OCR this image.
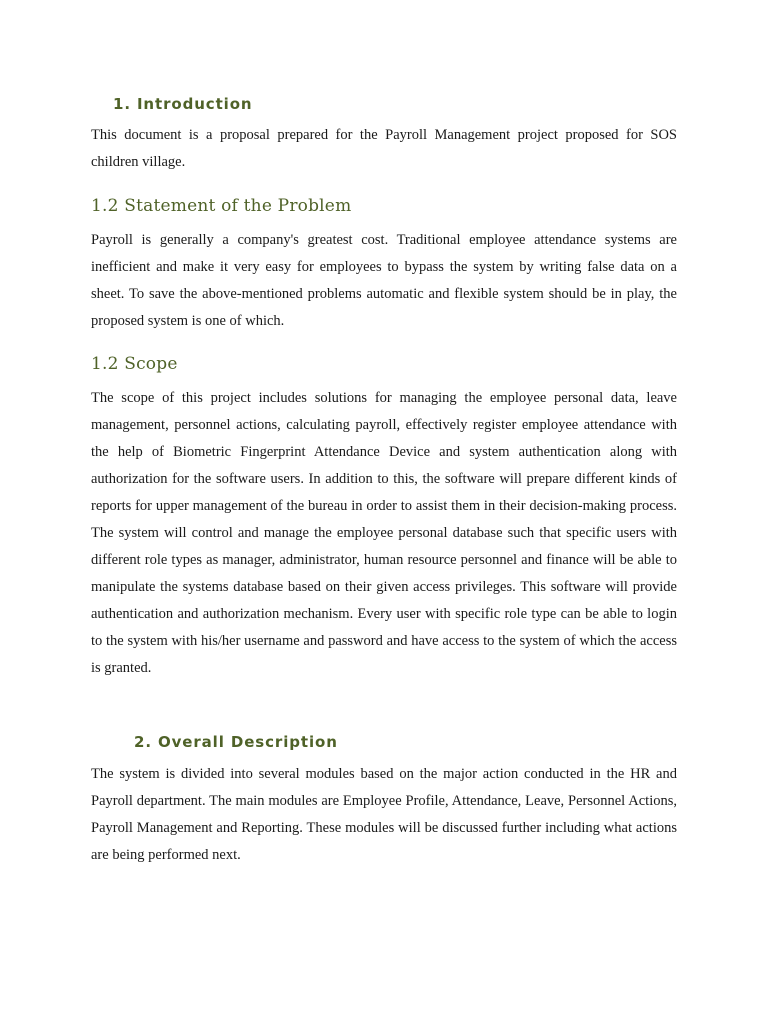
1. Introduction

This document is a proposal prepared for the Payroll Management project proposed for SOS children village.

1.2 Statement of the Problem

Payroll is generally a company's greatest cost. Traditional employee attendance systems are inefficient and make it very easy for employees to bypass the system by writing false data on a sheet. To save the above-mentioned problems automatic and flexible system should be in play, the proposed system is one of which.

1.2 Scope

The scope of this project includes solutions for managing the employee personal data, leave management, personnel actions, calculating payroll, effectively register employee attendance with the help of Biometric Fingerprint Attendance Device and system authentication along with authorization for the software users. In addition to this, the software will prepare different kinds of reports for upper management of the bureau in order to assist them in their decision-making process. The system will control and manage the employee personal database such that specific users with different role types as manager, administrator, human resource personnel and finance will be able to manipulate the systems database based on their given access privileges. This software will provide authentication and authorization mechanism. Every user with specific role type can be able to login to the system with his/her username and password and have access to the system of which the access is granted.

2. Overall Description

The system is divided into several modules based on the major action conducted in the HR and Payroll department. The main modules are Employee Profile, Attendance, Leave, Personnel Actions, Payroll Management and Reporting. These modules will be discussed further including what actions are being performed next.
